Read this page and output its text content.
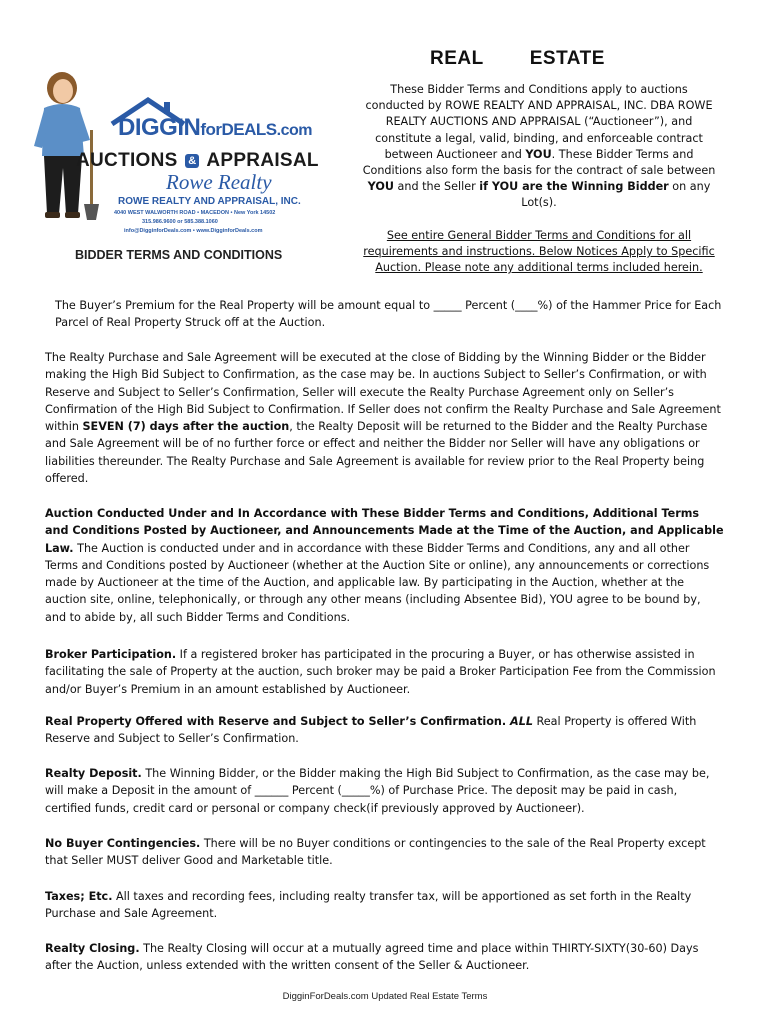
DIGGINforDEALS.com
AUCTIONS & APPRAISAL
Rowe Realty
ROWE REALTY AND APPRAISAL, INC.
4040 WEST WALWORTH ROAD • MACEDON • New York 14502
315.986.9600 or 585.388.1060
info@DigginforDeals.com • www.DigginforDeals.com
BIDDER TERMS AND CONDITIONS
REAL ESTATE
These Bidder Terms and Conditions apply to auctions conducted by ROWE REALTY AND APPRAISAL, INC. DBA ROWE REALTY AUCTIONS AND APPRAISAL (“Auctioneer”), and constitute a legal, valid, binding, and enforceable contract between Auctioneer and YOU. These Bidder Terms and Conditions also form the basis for the contract of sale between YOU and the Seller if YOU are the Winning Bidder on any Lot(s).
See entire General Bidder Terms and Conditions for all requirements and instructions. Below Notices Apply to Specific Auction. Please note any additional terms included herein.
The Buyer’s Premium for the Real Property will be amount equal to _____ Percent (____%) of the Hammer Price for Each Parcel of Real Property Struck off at the Auction.
The Realty Purchase and Sale Agreement will be executed at the close of Bidding by the Winning Bidder or the Bidder making the High Bid Subject to Confirmation, as the case may be. In auctions Subject to Seller’s Confirmation, or with Reserve and Subject to Seller’s Confirmation, Seller will execute the Realty Purchase Agreement only on Seller’s Confirmation of the High Bid Subject to Confirmation. If Seller does not confirm the Realty Purchase and Sale Agreement within SEVEN (7) days after the auction, the Realty Deposit will be returned to the Bidder and the Realty Purchase and Sale Agreement will be of no further force or effect and neither the Bidder nor Seller will have any obligations or liabilities thereunder. The Realty Purchase and Sale Agreement is available for review prior to the Real Property being offered.
Auction Conducted Under and In Accordance with These Bidder Terms and Conditions, Additional Terms and Conditions Posted by Auctioneer, and Announcements Made at the Time of the Auction, and Applicable Law. The Auction is conducted under and in accordance with these Bidder Terms and Conditions, any and all other Terms and Conditions posted by Auctioneer (whether at the Auction Site or online), any announcements or corrections made by Auctioneer at the time of the Auction, and applicable law. By participating in the Auction, whether at the auction site, online, telephonically, or through any other means (including Absentee Bid), YOU agree to be bound by, and to abide by, all such Bidder Terms and Conditions.
Broker Participation. If a registered broker has participated in the procuring a Buyer, or has otherwise assisted in facilitating the sale of Property at the auction, such broker may be paid a Broker Participation Fee from the Commission and/or Buyer’s Premium in an amount established by Auctioneer.
Real Property Offered with Reserve and Subject to Seller’s Confirmation. ALL Real Property is offered With Reserve and Subject to Seller’s Confirmation.
Realty Deposit. The Winning Bidder, or the Bidder making the High Bid Subject to Confirmation, as the case may be, will make a Deposit in the amount of ______ Percent (_____%) of Purchase Price. The deposit may be paid in cash, certified funds, credit card or personal or company check(if previously approved by Auctioneer).
No Buyer Contingencies. There will be no Buyer conditions or contingencies to the sale of the Real Property except that Seller MUST deliver Good and Marketable title.
Taxes; Etc. All taxes and recording fees, including realty transfer tax, will be apportioned as set forth in the Realty Purchase and Sale Agreement.
Realty Closing. The Realty Closing will occur at a mutually agreed time and place within THIRTY-SIXTY(30-60) Days after the Auction, unless extended with the written consent of the Seller & Auctioneer.
DigginForDeals.com Updated Real Estate Terms
